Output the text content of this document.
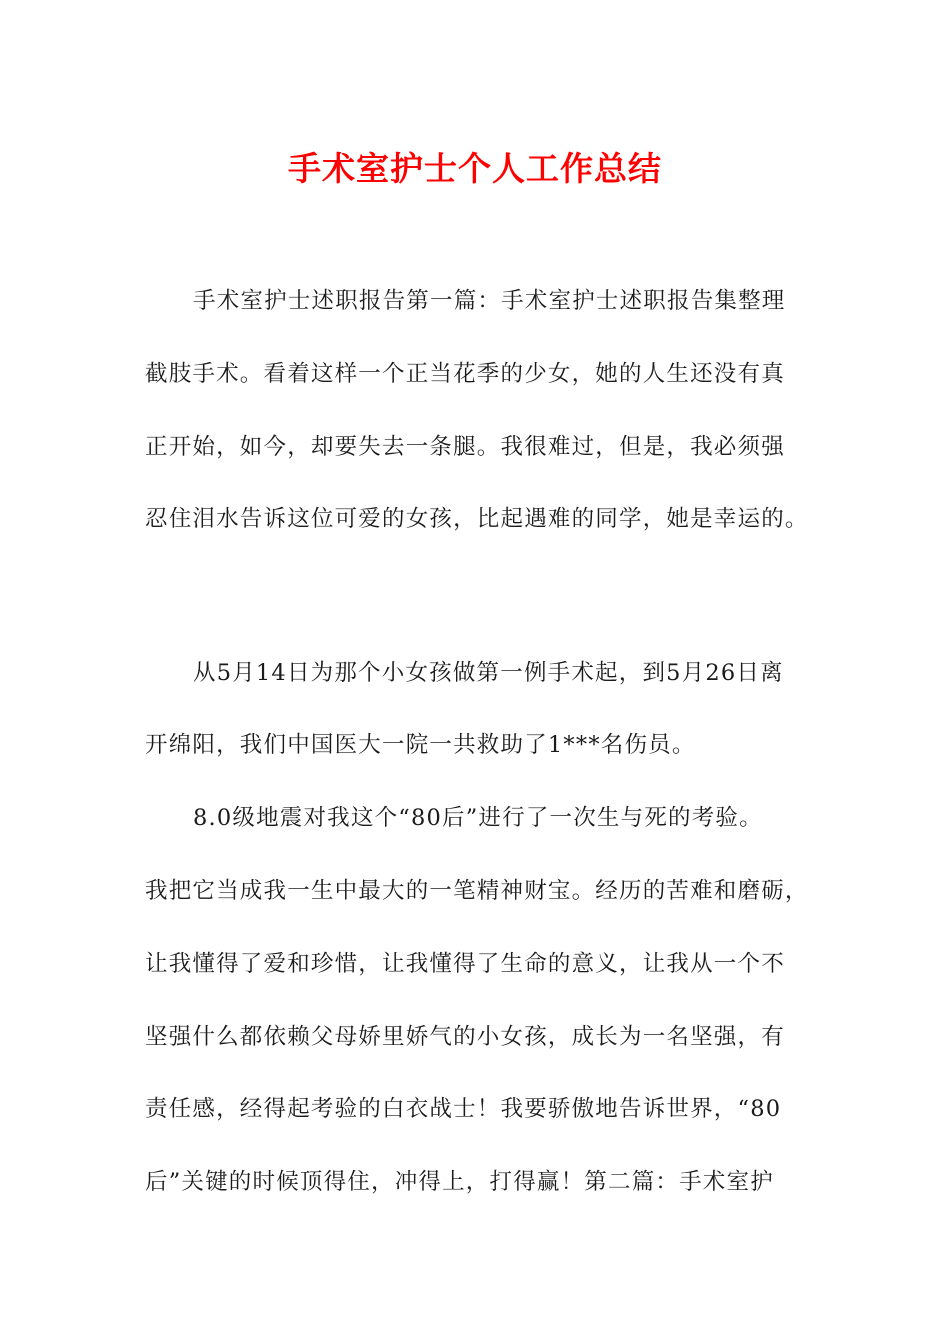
手术室护士个人工作总结
手术室护士述职报告第一篇：手术室护士述职报告集整理
截肢手术。看着这样一个正当花季的少女，她的人生还没有真
正开始，如今，却要失去一条腿。我很难过，但是，我必须强
忍住泪水告诉这位可爱的女孩，比起遇难的同学，她是幸运的。
从5月14日为那个小女孩做第一例手术起，到5月26日离
开绵阳，我们中国医大一院一共救助了1***名伤员。
8.0级地震对我这个“80后”进行了一次生与死的考验。
我把它当成我一生中最大的一笔精神财宝。经历的苦难和磨砺，
让我懂得了爱和珍惜，让我懂得了生命的意义，让我从一个不
坚强什么都依赖父母娇里娇气的小女孩，成长为一名坚强，有
责任感，经得起考验的白衣战士！我要骄傲地告诉世界，“80
后”关键的时候顶得住，冲得上，打得赢！第二篇：手术室护
